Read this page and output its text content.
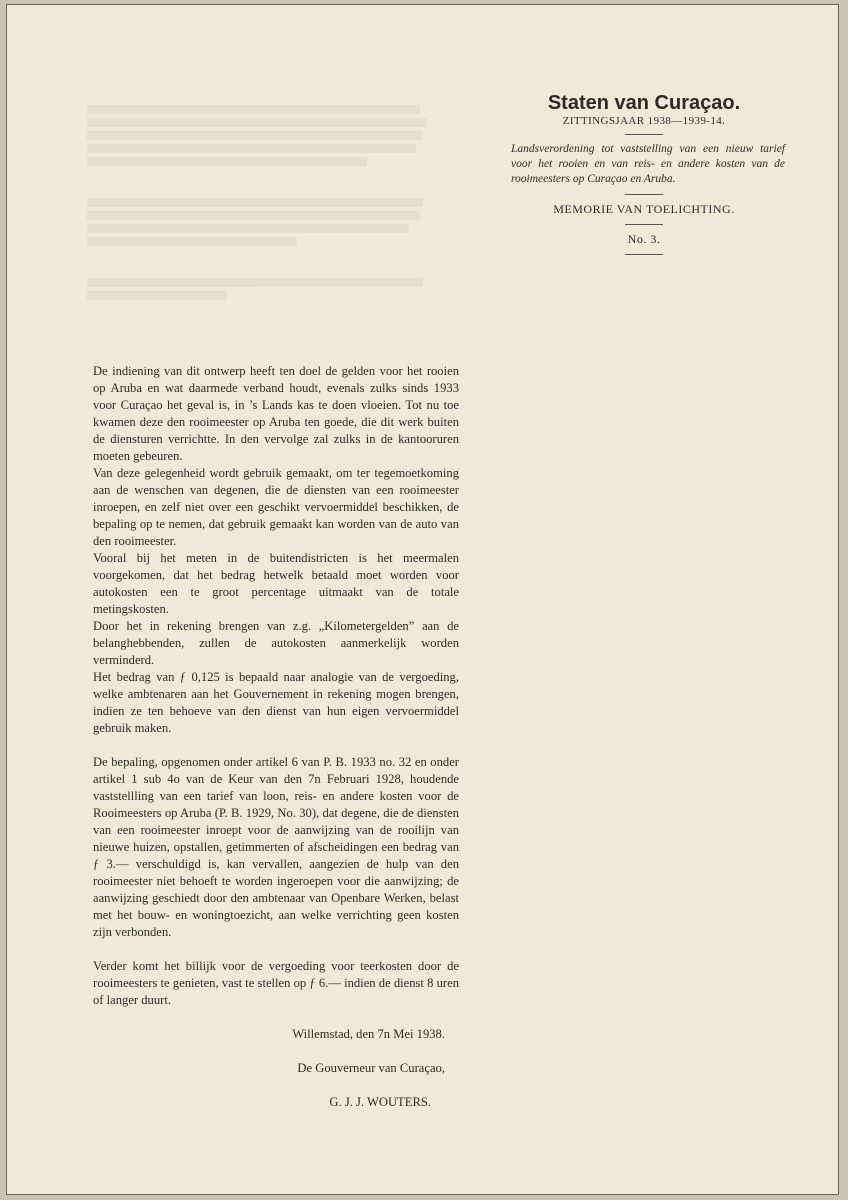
Staten van Curaçao.
ZITTINGSJAAR 1938—1939-14.
Landsverordening tot vaststelling van een nieuw tarief voor het rooien en van reis- en andere kosten van de rooimeesters op Curaçao en Aruba.
MEMORIE VAN TOELICHTING.
No. 3.

De indiening van dit ontwerp heeft ten doel de gelden voor het rooien op Aruba en wat daarmede verband houdt, evenals zulks sinds 1933 voor Curaçao het geval is, in ’s Lands kas te doen vloeien. Tot nu toe kwamen deze den rooimeester op Aruba ten goede, die dit werk buiten de diensturen verrichtte. In den vervolge zal zulks in de kantooruren moeten gebeuren.

Van deze gelegenheid wordt gebruik gemaakt, om ter tegemoetkoming aan de wenschen van degenen, die de diensten van een rooimeester inroepen, en zelf niet over een geschikt vervoermiddel beschikken, de bepaling op te nemen, dat gebruik gemaakt kan worden van de auto van den rooimeester.

Vooral bij het meten in de buitendistricten is het meermalen voorgekomen, dat het bedrag hetwelk betaald moet worden voor autokosten een te groot percentage uitmaakt van de totale metingskosten.

Door het in rekening brengen van z.g. „Kilometergelden” aan de belanghebbenden, zullen de autokosten aanmerkelijk worden verminderd.

Het bedrag van ƒ 0,125 is bepaald naar analogie van de vergoeding, welke ambtenaren aan het Gouvernement in rekening mogen brengen, indien ze ten behoeve van den dienst van hun eigen vervoermiddel gebruik maken.

De bepaling, opgenomen onder artikel 6 van P. B. 1933 no. 32 en onder artikel 1 sub 4o van de Keur van den 7n Februari 1928, houdende vaststellling van een tarief van loon, reis- en andere kosten voor de Rooimeesters op Aruba (P. B. 1929, No. 30), dat degene, die de diensten van een rooimeester inroept voor de aanwijzing van de rooilijn van nieuwe huizen, opstallen, getimmerten of afscheidingen een bedrag van ƒ 3.— verschuldigd is, kan vervallen, aangezien de hulp van den rooimeester niet behoeft te worden ingeroepen voor die aanwijzing; de aanwijzing geschiedt door den ambtenaar van Openbare Werken, belast met het bouw- en woningtoezicht, aan welke verrichting geen kosten zijn verbonden.

Verder komt het billijk voor de vergoeding voor teerkosten door de rooimeesters te genieten, vast te stellen op ƒ 6.— indien de dienst 8 uren of langer duurt.

Willemstad, den 7n Mei 1938.

De Gouverneur van Curaçao,

G. J. J. WOUTERS.
